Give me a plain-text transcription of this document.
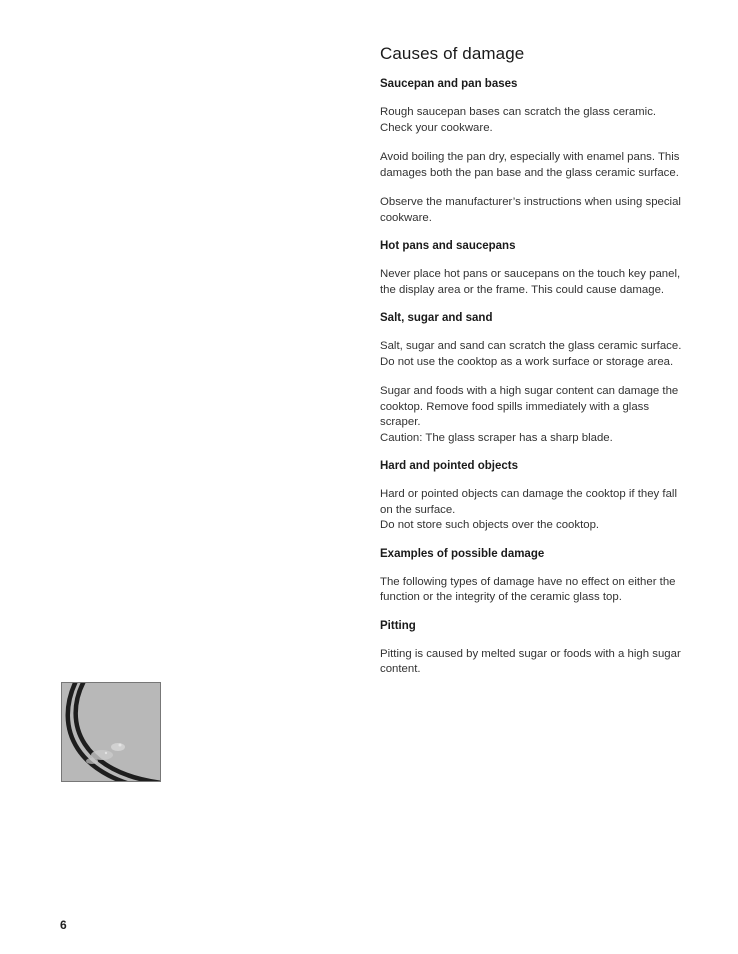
Causes of damage
Saucepan and pan bases

Rough saucepan bases can scratch the glass ceramic. Check your cookware.

Avoid boiling the pan dry, especially with enamel pans. This damages both the pan base and the glass ceramic surface.

Observe the manufacturer’s instructions when using special cookware.

Hot pans and saucepans

Never place hot pans or saucepans on the touch key panel, the display area or the frame. This could cause damage.

Salt, sugar and sand

Salt, sugar and sand can scratch the glass ceramic surface. Do not use the cooktop as a work surface or storage area.

Sugar and foods with a high sugar content can damage the cooktop. Remove food spills immediately with a glass scraper.
Caution: The glass scraper has a sharp blade.

Hard and pointed objects

Hard or pointed objects can damage the cooktop if they fall on the surface.
Do not store such objects over the cooktop.

Examples of possible damage

The following types of damage have no effect on either the function or the integrity of the ceramic glass top.

Pitting

Pitting is caused by melted sugar or foods with a high sugar content.

6
